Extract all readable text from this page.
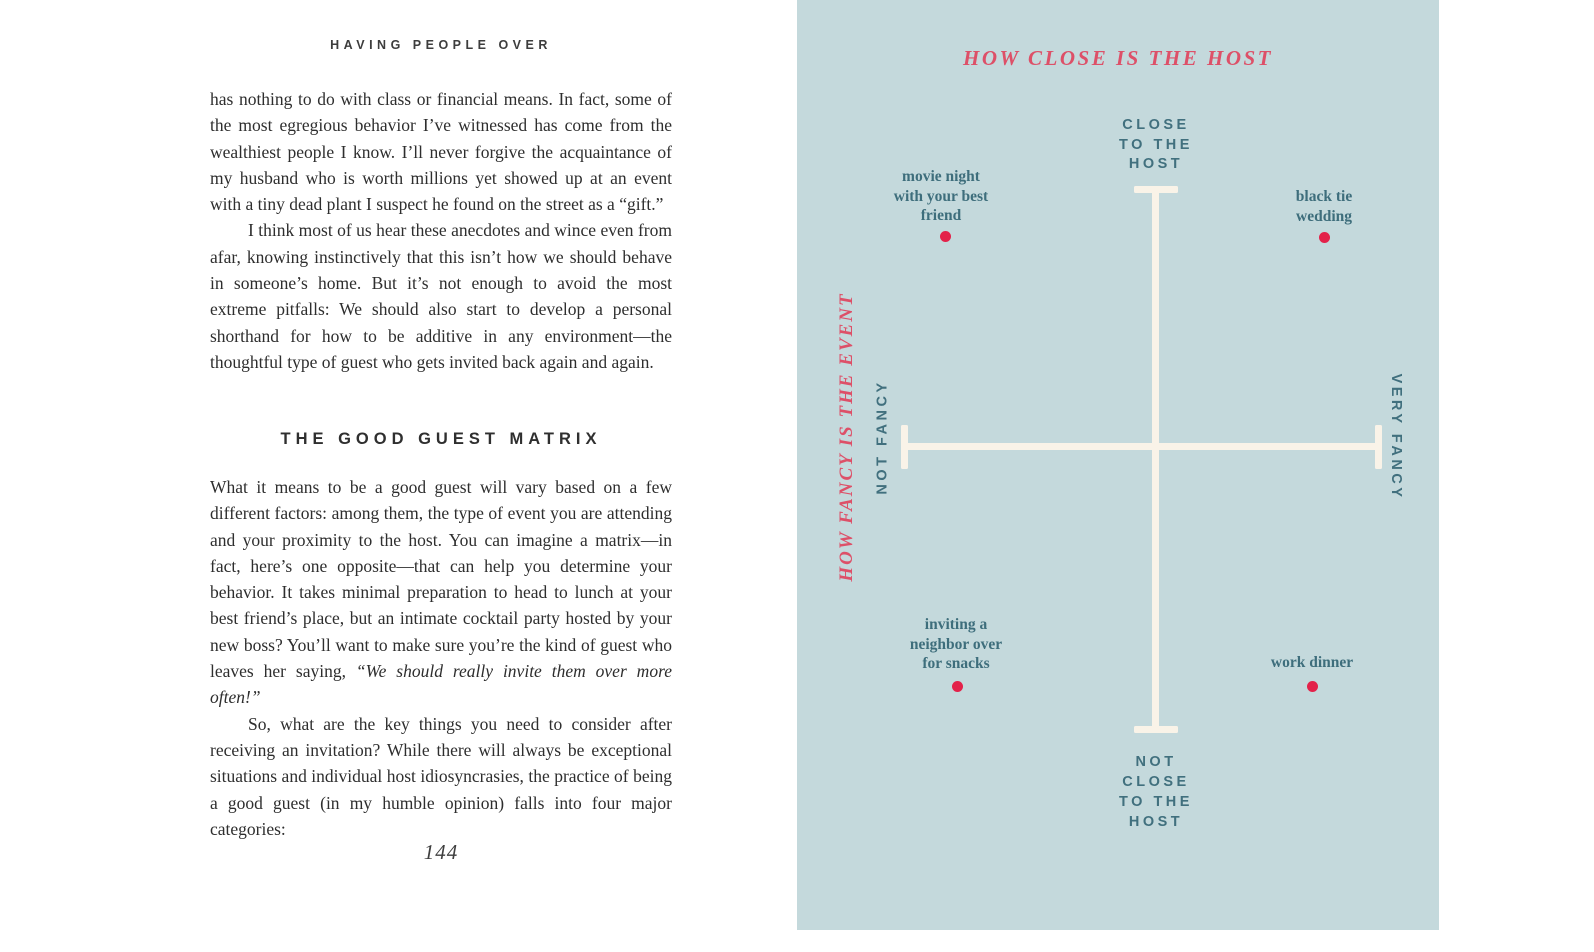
HAVING PEOPLE OVER

has nothing to do with class or financial means. In fact, some of the most egregious behavior I’ve witnessed has come from the wealthiest people I know. I’ll never forgive the acquaintance of my husband who is worth millions yet showed up at an event with a tiny dead plant I suspect he found on the street as a “gift.”

I think most of us hear these anecdotes and wince even from afar, knowing instinctively that this isn’t how we should behave in someone’s home. But it’s not enough to avoid the most extreme pitfalls: We should also start to develop a personal shorthand for how to be additive in any environment—the thoughtful type of guest who gets invited back again and again.

THE GOOD GUEST MATRIX

What it means to be a good guest will vary based on a few different factors: among them, the type of event you are attending and your proximity to the host. You can imagine a matrix—in fact, here’s one opposite—that can help you determine your behavior. It takes minimal preparation to head to lunch at your best friend’s place, but an intimate cocktail party hosted by your new boss? You’ll want to make sure you’re the kind of guest who leaves her saying, “We should really invite them over more often!”

So, what are the key things you need to consider after receiving an invitation? While there will always be exceptional situations and individual host idiosyncrasies, the practice of being a good guest (in my humble opinion) falls into four major categories:

144
HOW CLOSE IS THE HOST
CLOSE
TO THE
HOST
NOT
CLOSE
TO THE
HOST
NOT FANCY	VERY FANCY
HOW FANCY IS THE EVENT
movie night
with your best
friend
black tie
wedding
inviting a
neighbor over
for snacks	work dinner
